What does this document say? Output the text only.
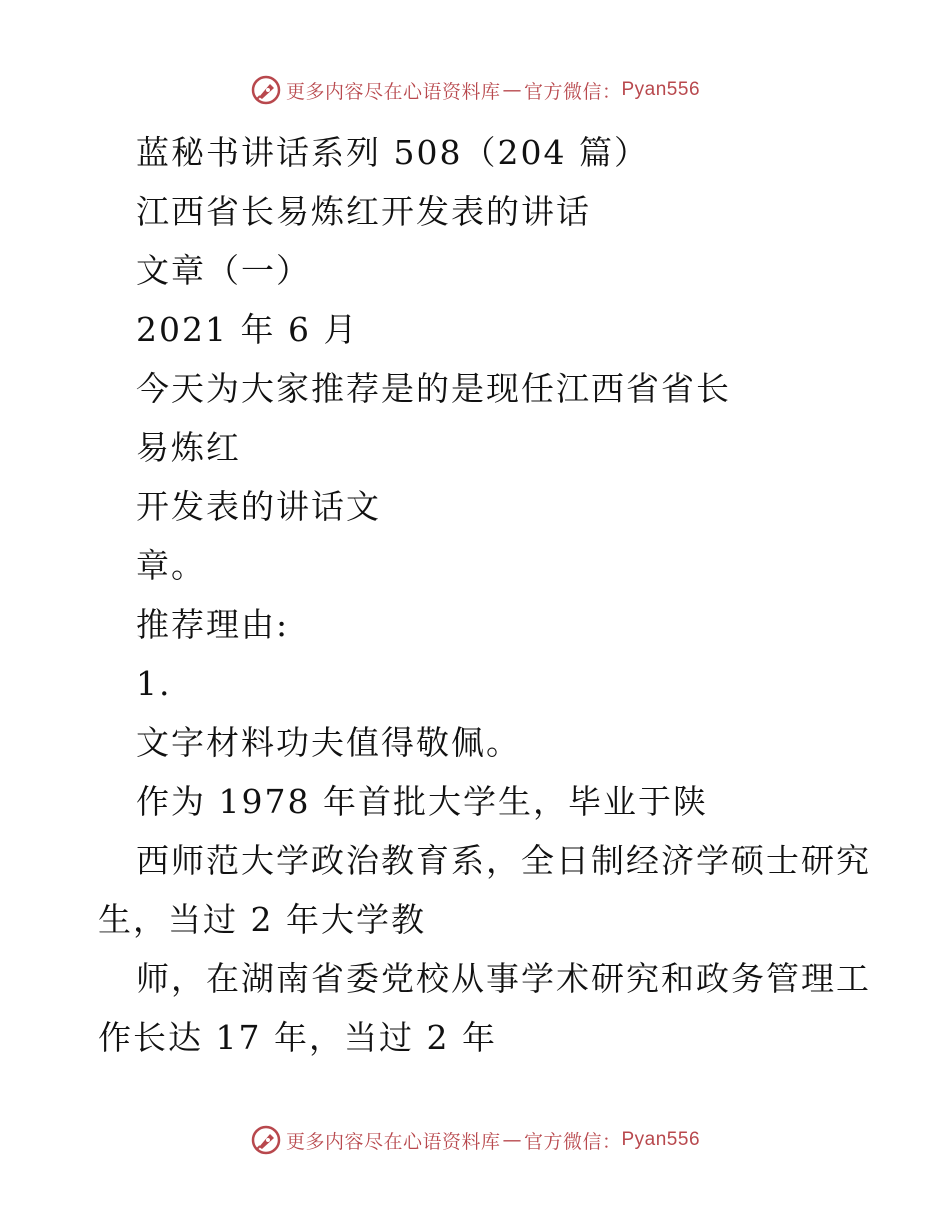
更多内容尽在心语资料库 — 官方微信： Pyan556
蓝秘书讲话系列 508（204 篇）
江西省长易炼红开发表的讲话
文章（一）
2021 年 6 月
今天为大家推荐是的是现任江西省省长
易炼红
开发表的讲话文
章。
推荐理由:
1.
文字材料功夫值得敬佩。
作为 1978 年首批大学生，毕业于陕
西师范大学政治教育系，全日制经济学硕士研究
生，当过 2 年大学教
师，在湖南省委党校从事学术研究和政务管理工
作长达 17 年，当过 2 年
更多内容尽在心语资料库 — 官方微信： Pyan556
